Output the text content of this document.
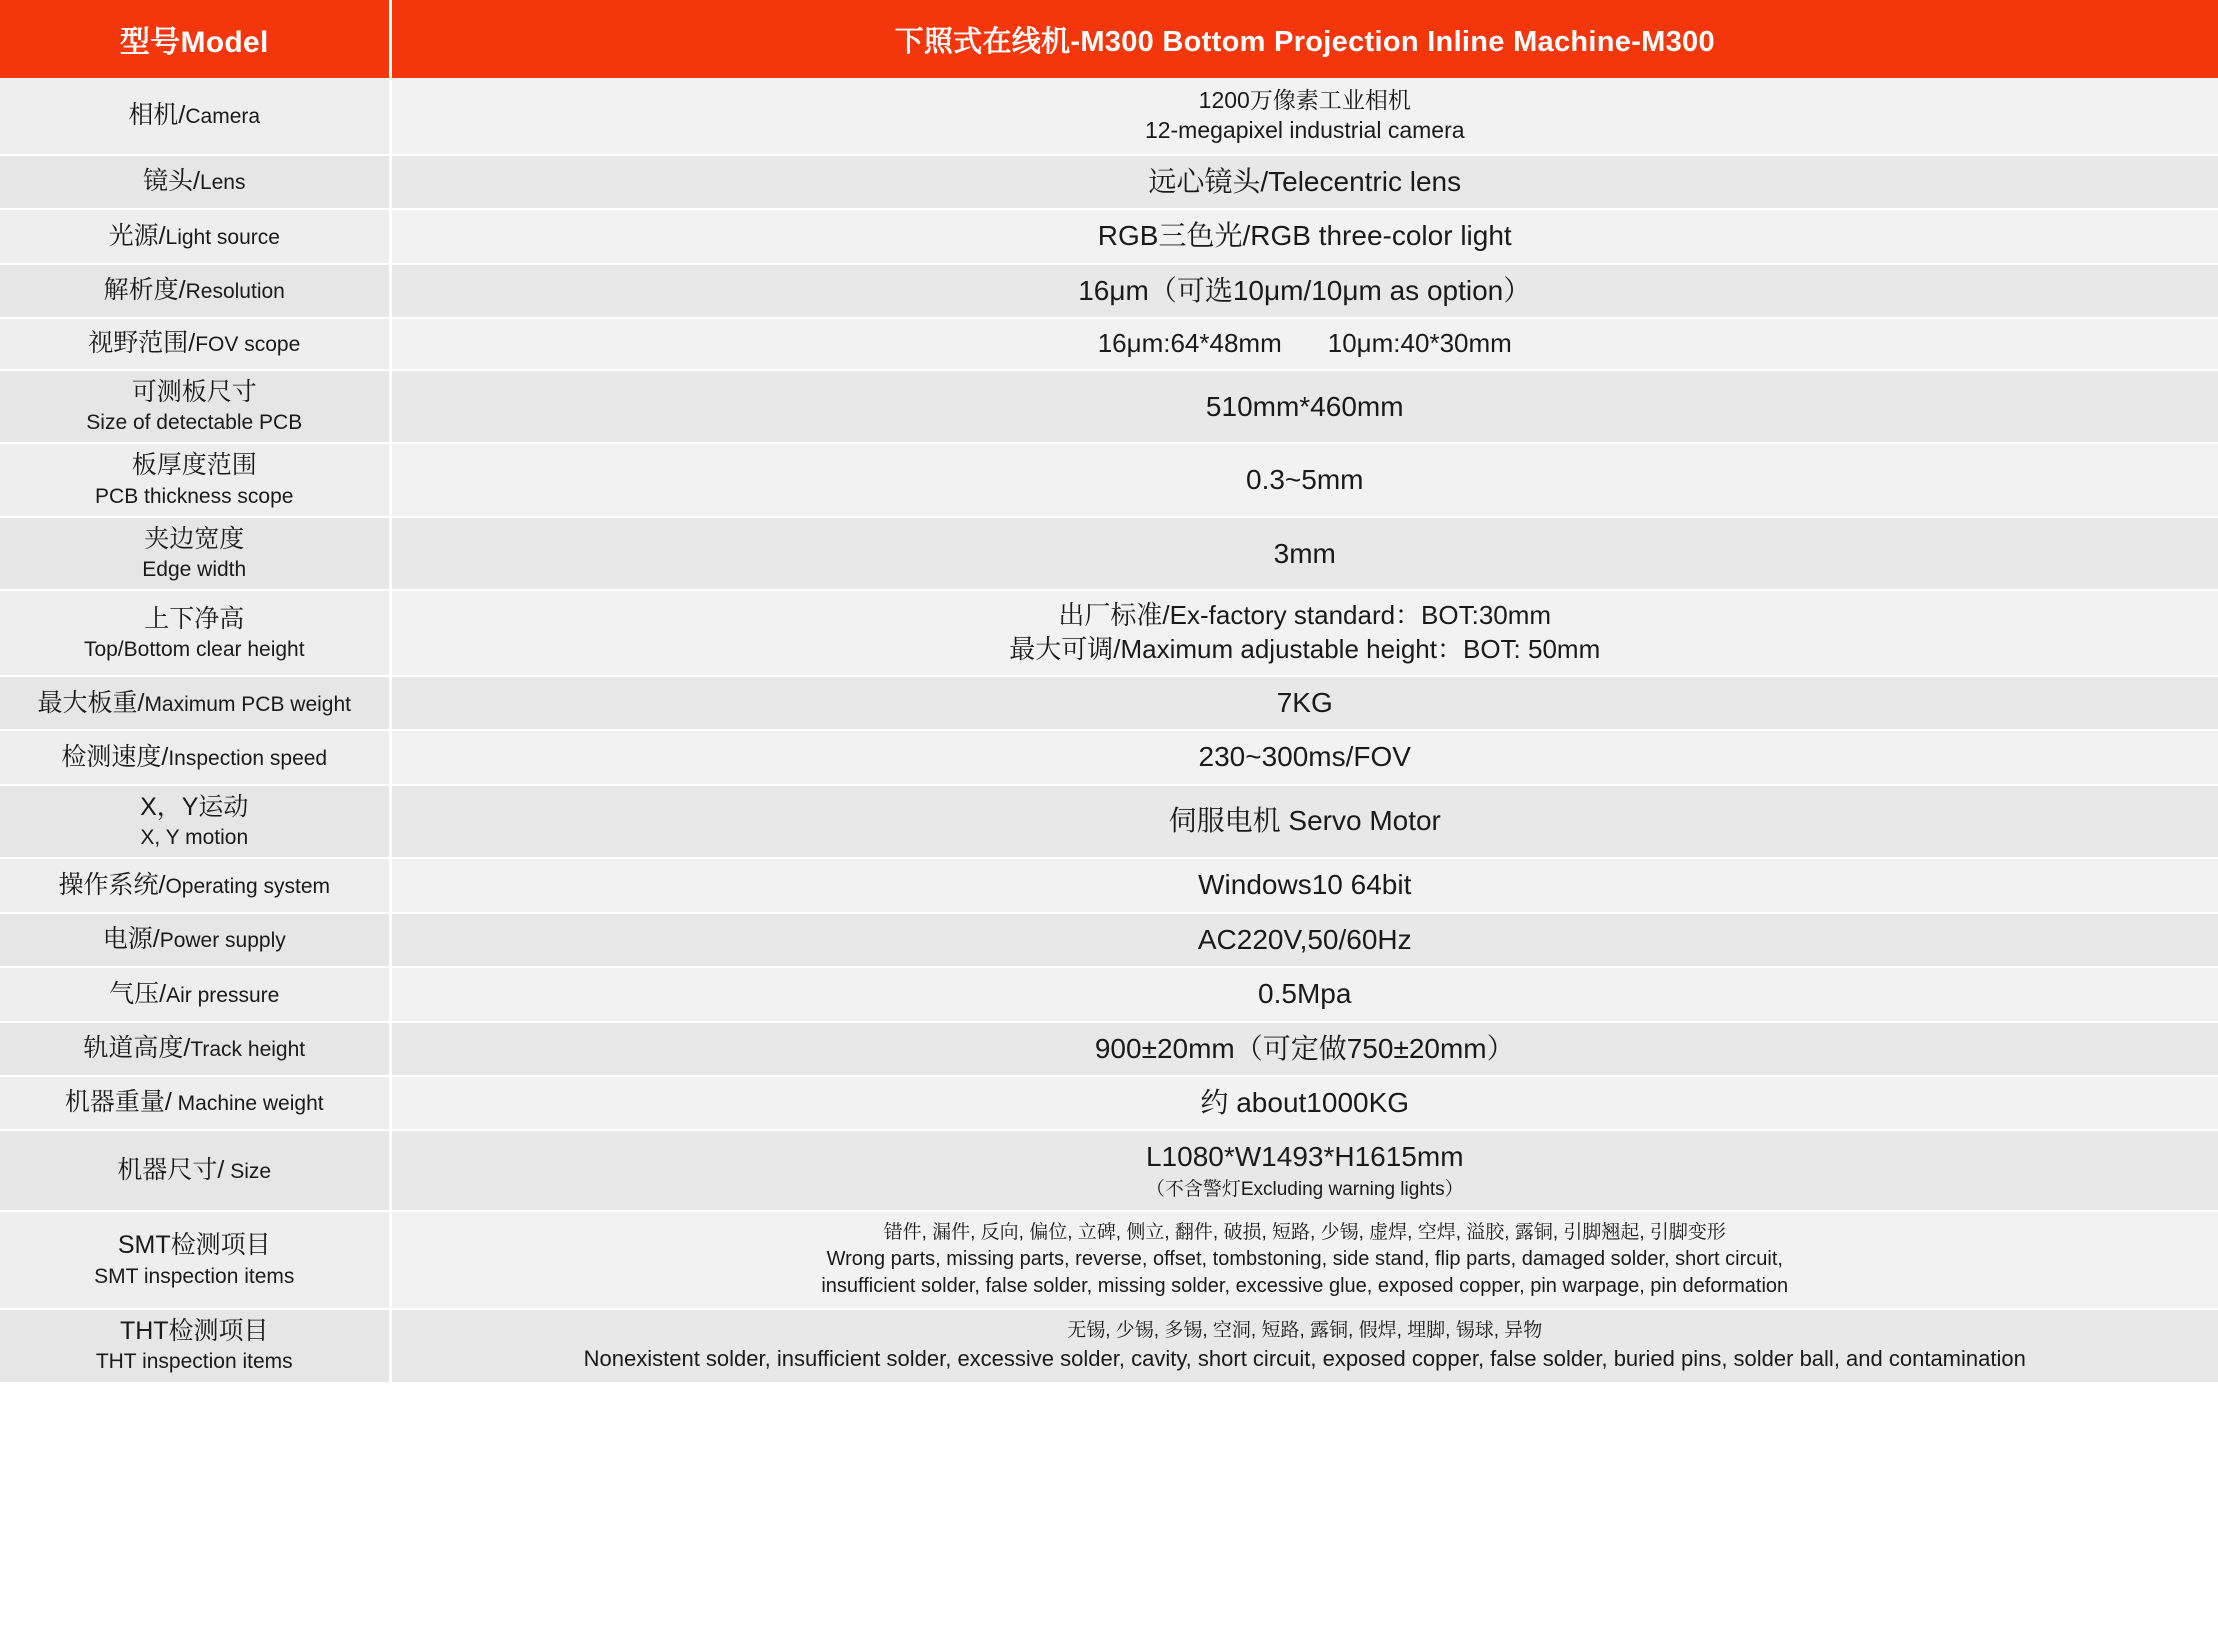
型号Model	下照式在线机-M300 Bottom Projection Inline Machine-M300
相机/Camera	1200万像素工业相机
12-megapixel industrial camera

镜头/Lens	远心镜头/Telecentric lens

光源/Light source	RGB三色光/RGB three-color light

解析度/Resolution	16μm（可选10μm/10μm as option）

视野范围/FOV scope	16μm:64*48mm 10μm:40*30mm

可测板尺寸
Size of detectable PCB	510mm*460mm

板厚度范围
PCB thickness scope	0.3~5mm

夹边宽度
Edge width	3mm

上下净高
Top/Bottom clear height	出厂标准/Ex-factory standard：BOT:30mm
最大可调/Maximum adjustable height：BOT: 50mm

最大板重/Maximum PCB weight	7KG

检测速度/Inspection speed	230~300ms/FOV

X，Y运动
X, Y motion	伺服电机 Servo Motor

操作系统/Operating system	Windows10 64bit

电源/Power supply	AC220V,50/60Hz

气压/Air pressure	0.5Mpa

轨道高度/Track height	900±20mm（可定做750±20mm）

机器重量/ Machine weight	约 about1000KG

机器尺寸/ Size	L1080*W1493*H1615mm
（不含警灯Excluding warning lights）

SMT检测项目
SMT inspection items	错件, 漏件, 反向, 偏位, 立碑, 侧立, 翻件, 破损, 短路, 少锡, 虚焊, 空焊, 溢胶, 露铜, 引脚翘起, 引脚变形
Wrong parts, missing parts, reverse, offset, tombstoning, side stand, flip parts, damaged solder, short circuit,
insufficient solder, false solder, missing solder, excessive glue, exposed copper, pin warpage, pin deformation

THT检测项目
THT inspection items	无锡, 少锡, 多锡, 空洞, 短路, 露铜, 假焊, 埋脚, 锡球, 异物
Nonexistent solder, insufficient solder, excessive solder, cavity, short circuit, exposed copper, false solder, buried pins, solder ball, and contamination
